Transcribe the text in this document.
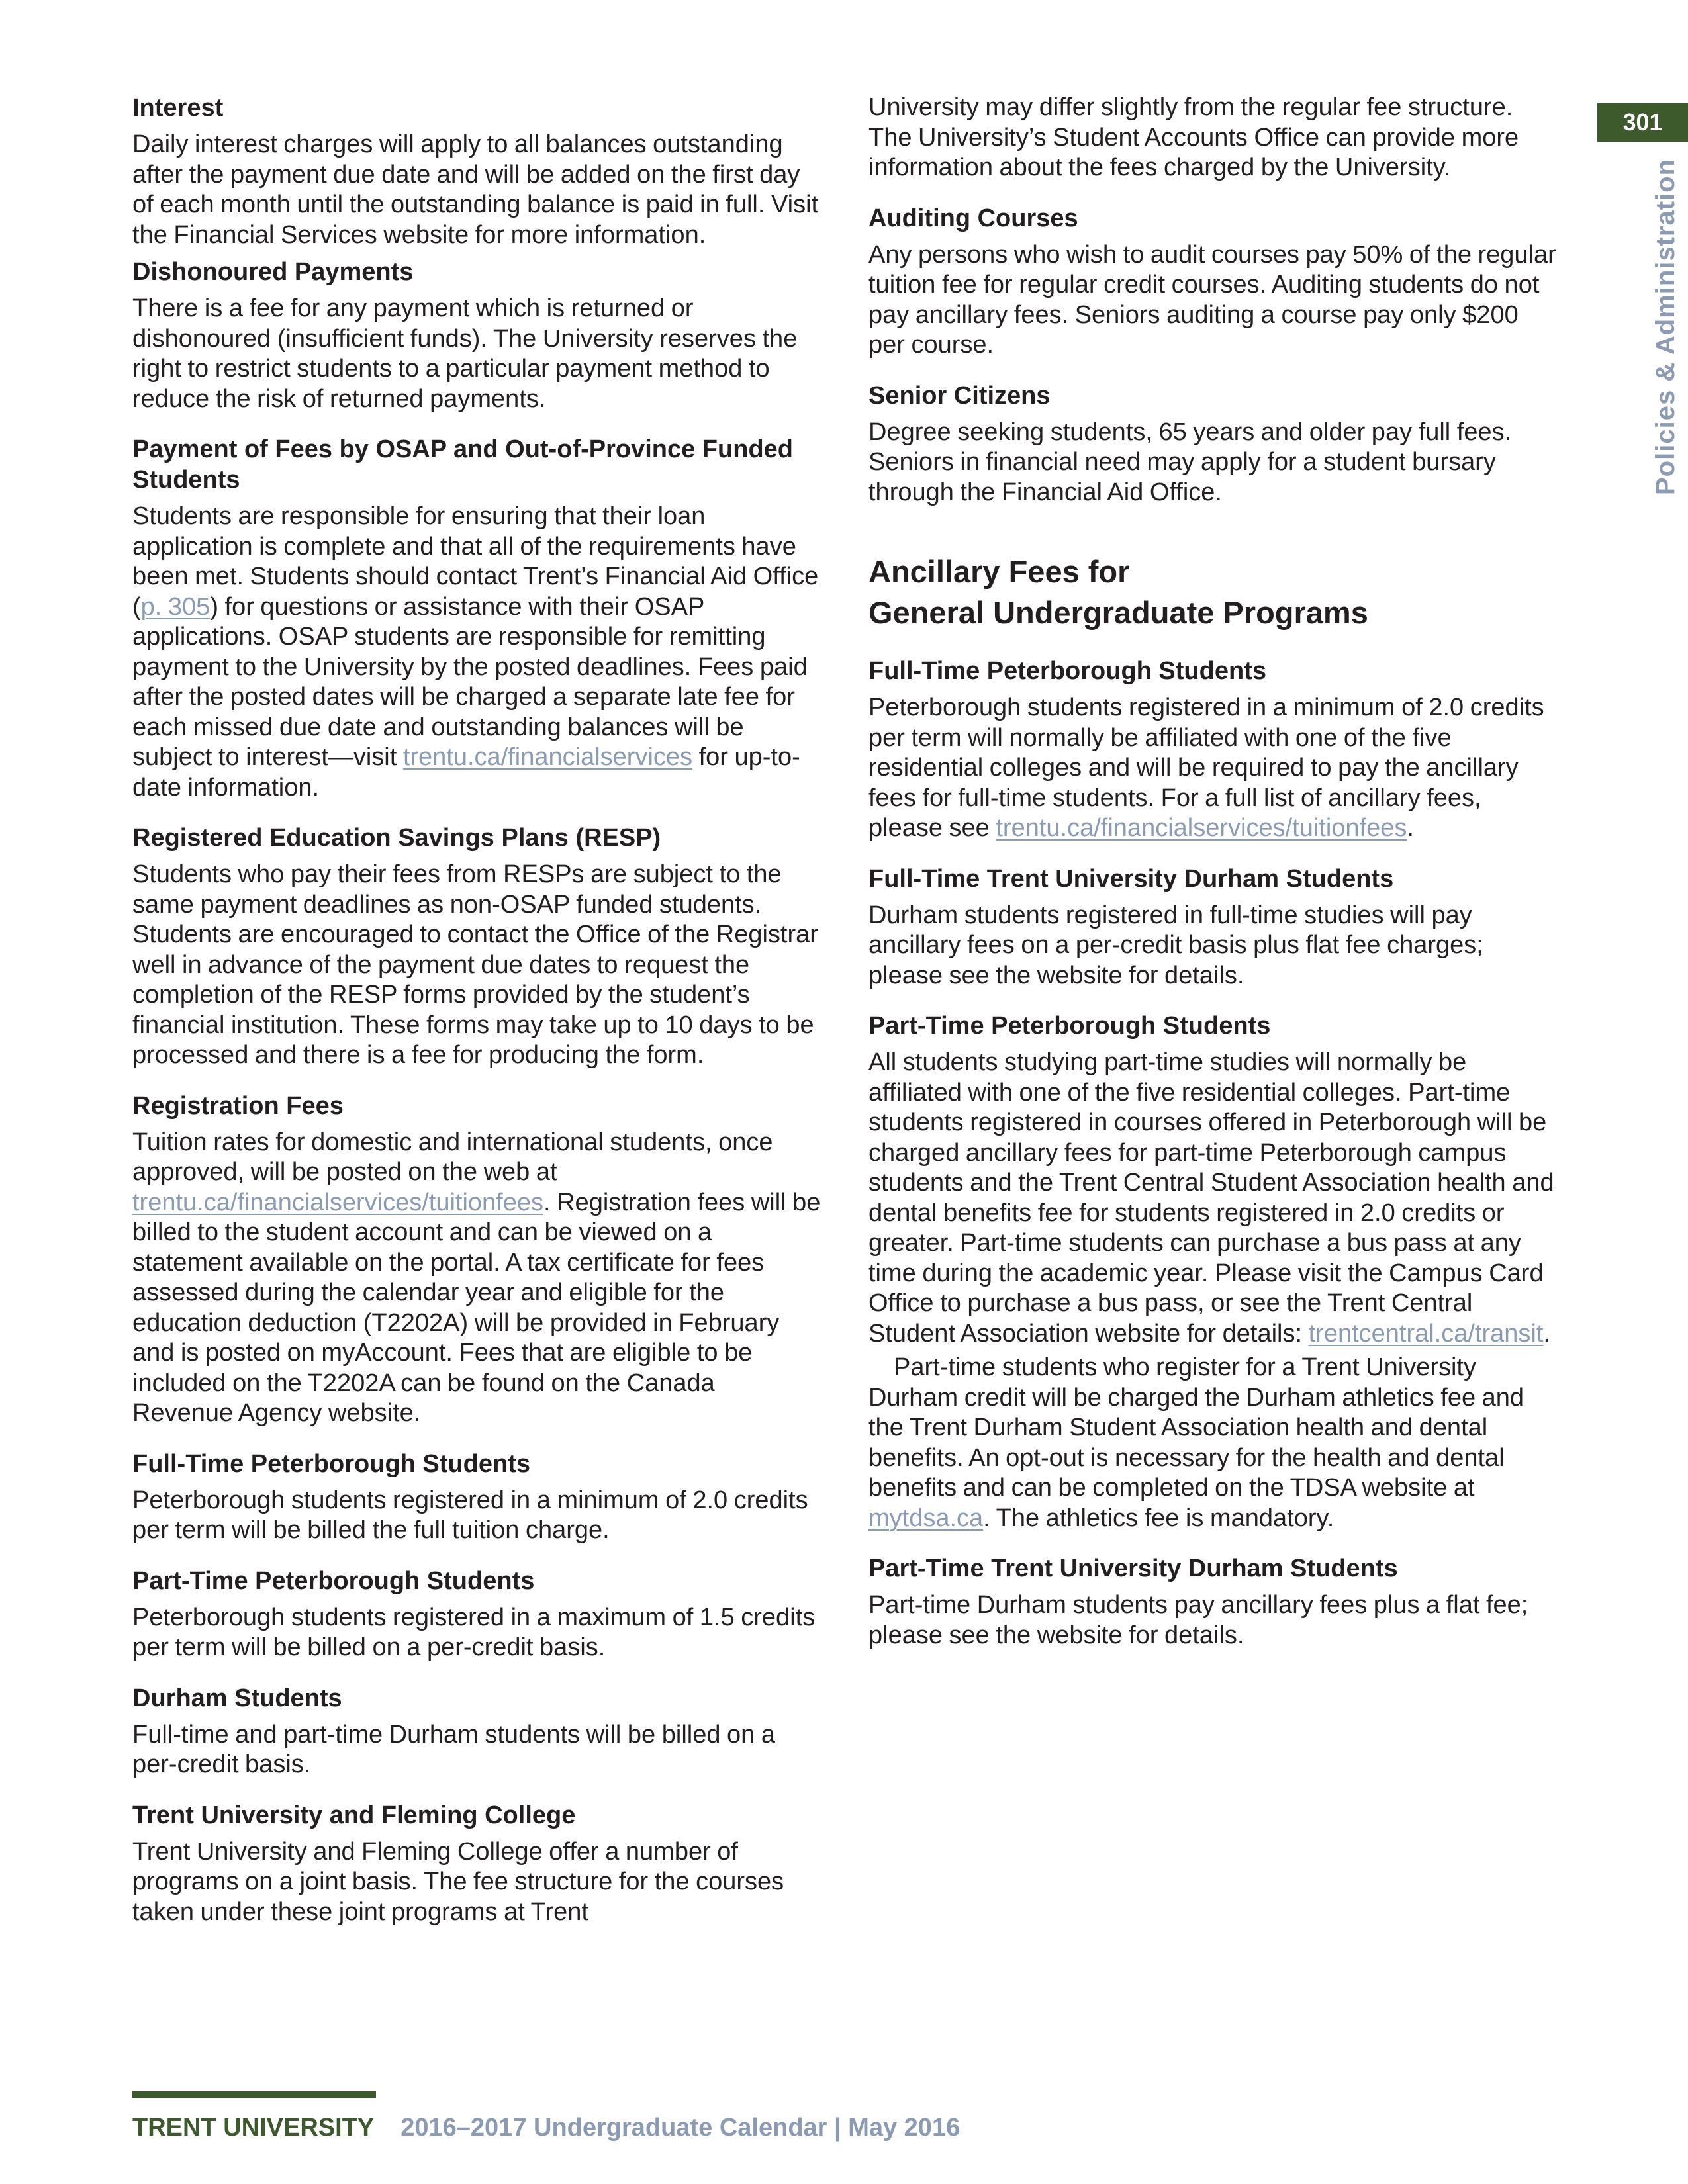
301
Policies & Administration

Interest

Daily interest charges will apply to all balances outstanding after the payment due date and will be added on the first day of each month until the outstanding balance is paid in full. Visit the Financial Services website for more information.

Dishonoured Payments

There is a fee for any payment which is returned or dishonoured (insufficient funds). The University reserves the right to restrict students to a particular payment method to reduce the risk of returned payments.

Payment of Fees by OSAP and Out-of-Province Funded Students

Students are responsible for ensuring that their loan application is complete and that all of the requirements have been met. Students should contact Trent’s Financial Aid Office (p. 305) for questions or assistance with their OSAP applications. OSAP students are responsible for remitting payment to the University by the posted deadlines. Fees paid after the posted dates will be charged a separate late fee for each missed due date and outstanding balances will be subject to interest—visit trentu.ca/financialservices for up-to-date information.

Registered Education Savings Plans (RESP)

Students who pay their fees from RESPs are subject to the same payment deadlines as non-OSAP funded students. Students are encouraged to contact the Office of the Registrar well in advance of the payment due dates to request the completion of the RESP forms provided by the student’s financial institution. These forms may take up to 10 days to be processed and there is a fee for producing the form.

Registration Fees

Tuition rates for domestic and international students, once approved, will be posted on the web at trentu.ca/financialservices/tuitionfees. Registration fees will be billed to the student account and can be viewed on a statement available on the portal. A tax certificate for fees assessed during the calendar year and eligible for the education deduction (T2202A) will be provided in February and is posted on myAccount. Fees that are eligible to be included on the T2202A can be found on the Canada Revenue Agency website.

Full-Time Peterborough Students

Peterborough students registered in a minimum of 2.0 credits per term will be billed the full tuition charge.

Part-Time Peterborough Students

Peterborough students registered in a maximum of 1.5 credits per term will be billed on a per-credit basis.

Durham Students

Full-time and part-time Durham students will be billed on a per-credit basis.

Trent University and Fleming College

Trent University and Fleming College offer a number of programs on a joint basis. The fee structure for the courses taken under these joint programs at Trent

University may differ slightly from the regular fee structure. The University’s Student Accounts Office can provide more information about the fees charged by the University.

Auditing Courses

Any persons who wish to audit courses pay 50% of the regular tuition fee for regular credit courses. Auditing students do not pay ancillary fees. Seniors auditing a course pay only $200 per course.

Senior Citizens

Degree seeking students, 65 years and older pay full fees. Seniors in financial need may apply for a student bursary through the Financial Aid Office.

Ancillary Fees for
General Undergraduate Programs

Full-Time Peterborough Students

Peterborough students registered in a minimum of 2.0 credits per term will normally be affiliated with one of the five residential colleges and will be required to pay the ancillary fees for full-time students. For a full list of ancillary fees, please see trentu.ca/financialservices/tuitionfees.

Full-Time Trent University Durham Students

Durham students registered in full-time studies will pay ancillary fees on a per-credit basis plus flat fee charges; please see the website for details.

Part-Time Peterborough Students

All students studying part-time studies will normally be affiliated with one of the five residential colleges. Part-time students registered in courses offered in Peterborough will be charged ancillary fees for part-time Peterborough campus students and the Trent Central Student Association health and dental benefits fee for students registered in 2.0 credits or greater. Part-time students can purchase a bus pass at any time during the academic year. Please visit the Campus Card Office to purchase a bus pass, or see the Trent Central Student Association website for details: trentcentral.ca/transit.

Part-time students who register for a Trent University Durham credit will be charged the Durham athletics fee and the Trent Durham Student Association health and dental benefits. An opt-out is necessary for the health and dental benefits and can be completed on the TDSA website at mytdsa.ca. The athletics fee is mandatory.

Part-Time Trent University Durham Students

Part-time Durham students pay ancillary fees plus a flat fee; please see the website for details.

TRENT UNIVERSITY 2016–2017 Undergraduate Calendar | May 2016
